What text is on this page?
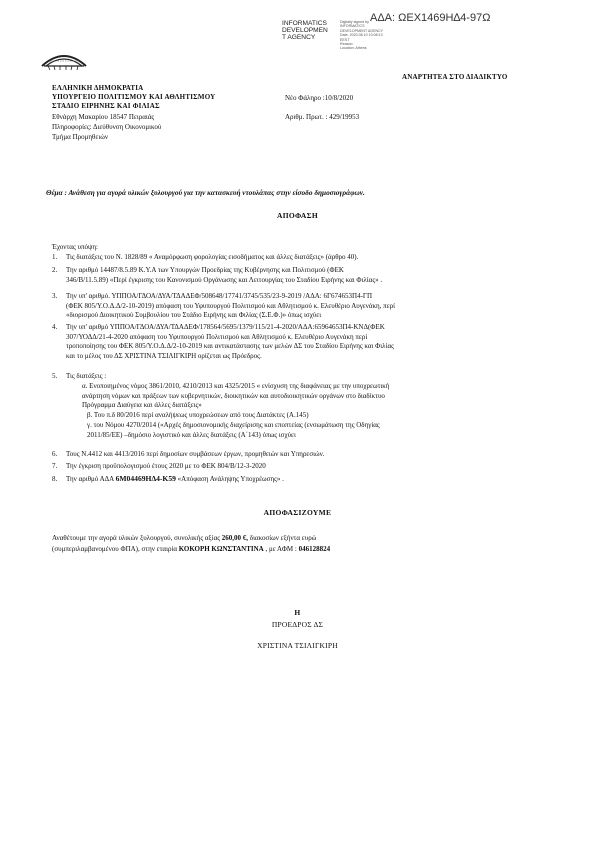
ΑΔΑ: ΩΕΧ1469Η∆4-97Ω
INFORMATICS
DEVELOPMEN
T AGENCY
Digitally signed by
INFORMATICS
DEVELOPMENT AGENCY
Date: 2020.08.10 10:08:13
EEST
Reason:
Location: Athens
ΑΝΑΡΤΗΤΕΑ ΣΤΟ ΔΙΑΔΙΚΤΥΟ
ΕΛΛΗΝΙΚΗ ΔΗΜΟΚΡΑΤΙΑ
ΥΠΟΥΡΓΕΙΟ ΠΟΛΙΤΙΣΜΟΥ ΚΑΙ ΑΘΛΗΤΙΣΜΟΥ
ΣΤΑΔΙΟ ΕΙΡΗΝΗΣ ΚΑΙ ΦΙΛΙΑΣ
Εθνάρχη Μακαρίου 18547 Πειραιάς
Πληροφορίες: Διεύθυνση Οικονομικού
Τμήμα Προμηθειών
Νέο Φάληρο :10/8/2020
Αριθμ. Πρωτ. : 429/19953
Θέμα : Ανάθεση για αγορά υλικών ξυλουργού για την κατασκευή ντουλάπας στην είσοδο δημοσιογράφων.
ΑΠΟΦΑΣΗ
Έχοντας υπόψη:
1. Τις διατάξεις του Ν. 1828/89 « Αναμόρφωση φορολογίας εισοδήματος και άλλες διατάξεις» (άρθρο 40).
2. Την αριθμό 14487/8.5.89 Κ.Υ.Α των Υπουργών Προεδρίας της Κυβέρνησης και Πολιτισμού (ΦΕΚ
346/Β/11.5.89) «Περί έγκρισης του Κανονισμού Οργάνωσης και Λειτουργίας του Σταδίου Ειρήνης και Φιλίας» .
3. Την υπ' αριθμό. ΥΠΠΟΑ/ΓΔΟΑ/ΔΥΑ/ΤΔΑΔΕΦ/508648/17741/3745/535/23-9-2019 /ΑΔΑ: 6Γ674653Π4-ΓΠ
(ΦΕΚ 805/Υ.Ο.Δ.Δ/2-10-2019) απόφαση του Υφυπουργού Πολιτισμού και Αθλητισμού κ. Ελευθέριο Αυγενάκη, περί
«διορισμού Διοικητικού Συμβουλίου του Στάδιο Ειρήνης και Φιλίας (Σ.Ε.Φ.)» όπως ισχύει
4. Την υπ' αριθμό ΥΠΠΟΑ/ΓΔΟΑ/ΔΥΑ/ΤΔΑΔΕΦ/178564/5695/1379/115/21-4-2020/ΑΔΑ:65964653Π4-ΚΝΔ(ΦΕΚ
307/ΥΟΔΔ/21-4-2020 απόφαση του Υφυπουργού Πολιτισμού και Αθλητισμού κ. Ελευθέριο Αυγενάκη περί
τροποποίησης του ΦΕΚ 805/Υ.Ο.Δ.Δ/2-10-2019 και αντικατάστασης των μελών ΔΣ του Σταδίου Ειρήνης και Φιλίας
και το μέλος του ΔΣ ΧΡΙΣΤΙΝΑ ΤΣΙΛΙΓΚΙΡΗ ορίζεται ως Πρόεδρος.
5. Τις διατάξεις :
α. Ενοποιημένος νόμος 3861/2010, 4210/2013 και 4325/2015 « ενίσχυση της διαφάνειας με την υποχρεωτική
ανάρτηση νόμων και πράξεων των κυβερνητικών, διοικητικών και αυτοδιοικητικών οργάνων στο διαδίκτυο
Πρόγραμμα Διαύγεια και άλλες διατάξεις»
β. Του π.δ 80/2016 περί αναλήψεως υποχρεώσεων από τους Διατάκτες (Α.145)
γ. του Νόμου 4270/2014 («Αρχές δημοσιονομικής διαχείρισης και εποπτείας (ενσωμάτωση της Οδηγίας
2011/85/ΕΕ) –δημόσιο λογιστικό και άλλες διατάξεις (Α΄143) όπως ισχύει
6. Τους Ν.4412 και 4413/2016 περί δημοσίων συμβάσεων έργων, προμηθειών και Υπηρεσιών.
7. Την έγκριση προϋπολογισμού έτους 2020 με το ΦΕΚ 804/Β/12-3-2020
8. Την αριθμό ΑΔΑ 6Μ04469Η∆4-Κ59 «Απόφαση Ανάληψης Υποχρέωσης» .
ΑΠΟΦΑΣΙΖΟΥΜΕ
Αναθέτουμε την αγορά υλικών ξυλουργού, συνολικής αξίας 260,00 €, διακοσίων εξήντα ευρώ
(συμπεριλαμβανομένου ΦΠΑ), στην εταιρία ΚΟΚΟΡΗ ΚΩΝΣΤΑΝΤΙΝΑ , με ΑΦΜ : 046128824
Η
ΠΡΟΕΔΡΟΣ ΔΣ
ΧΡΙΣΤΙΝΑ ΤΣΙΛΙΓΚΙΡΗ
